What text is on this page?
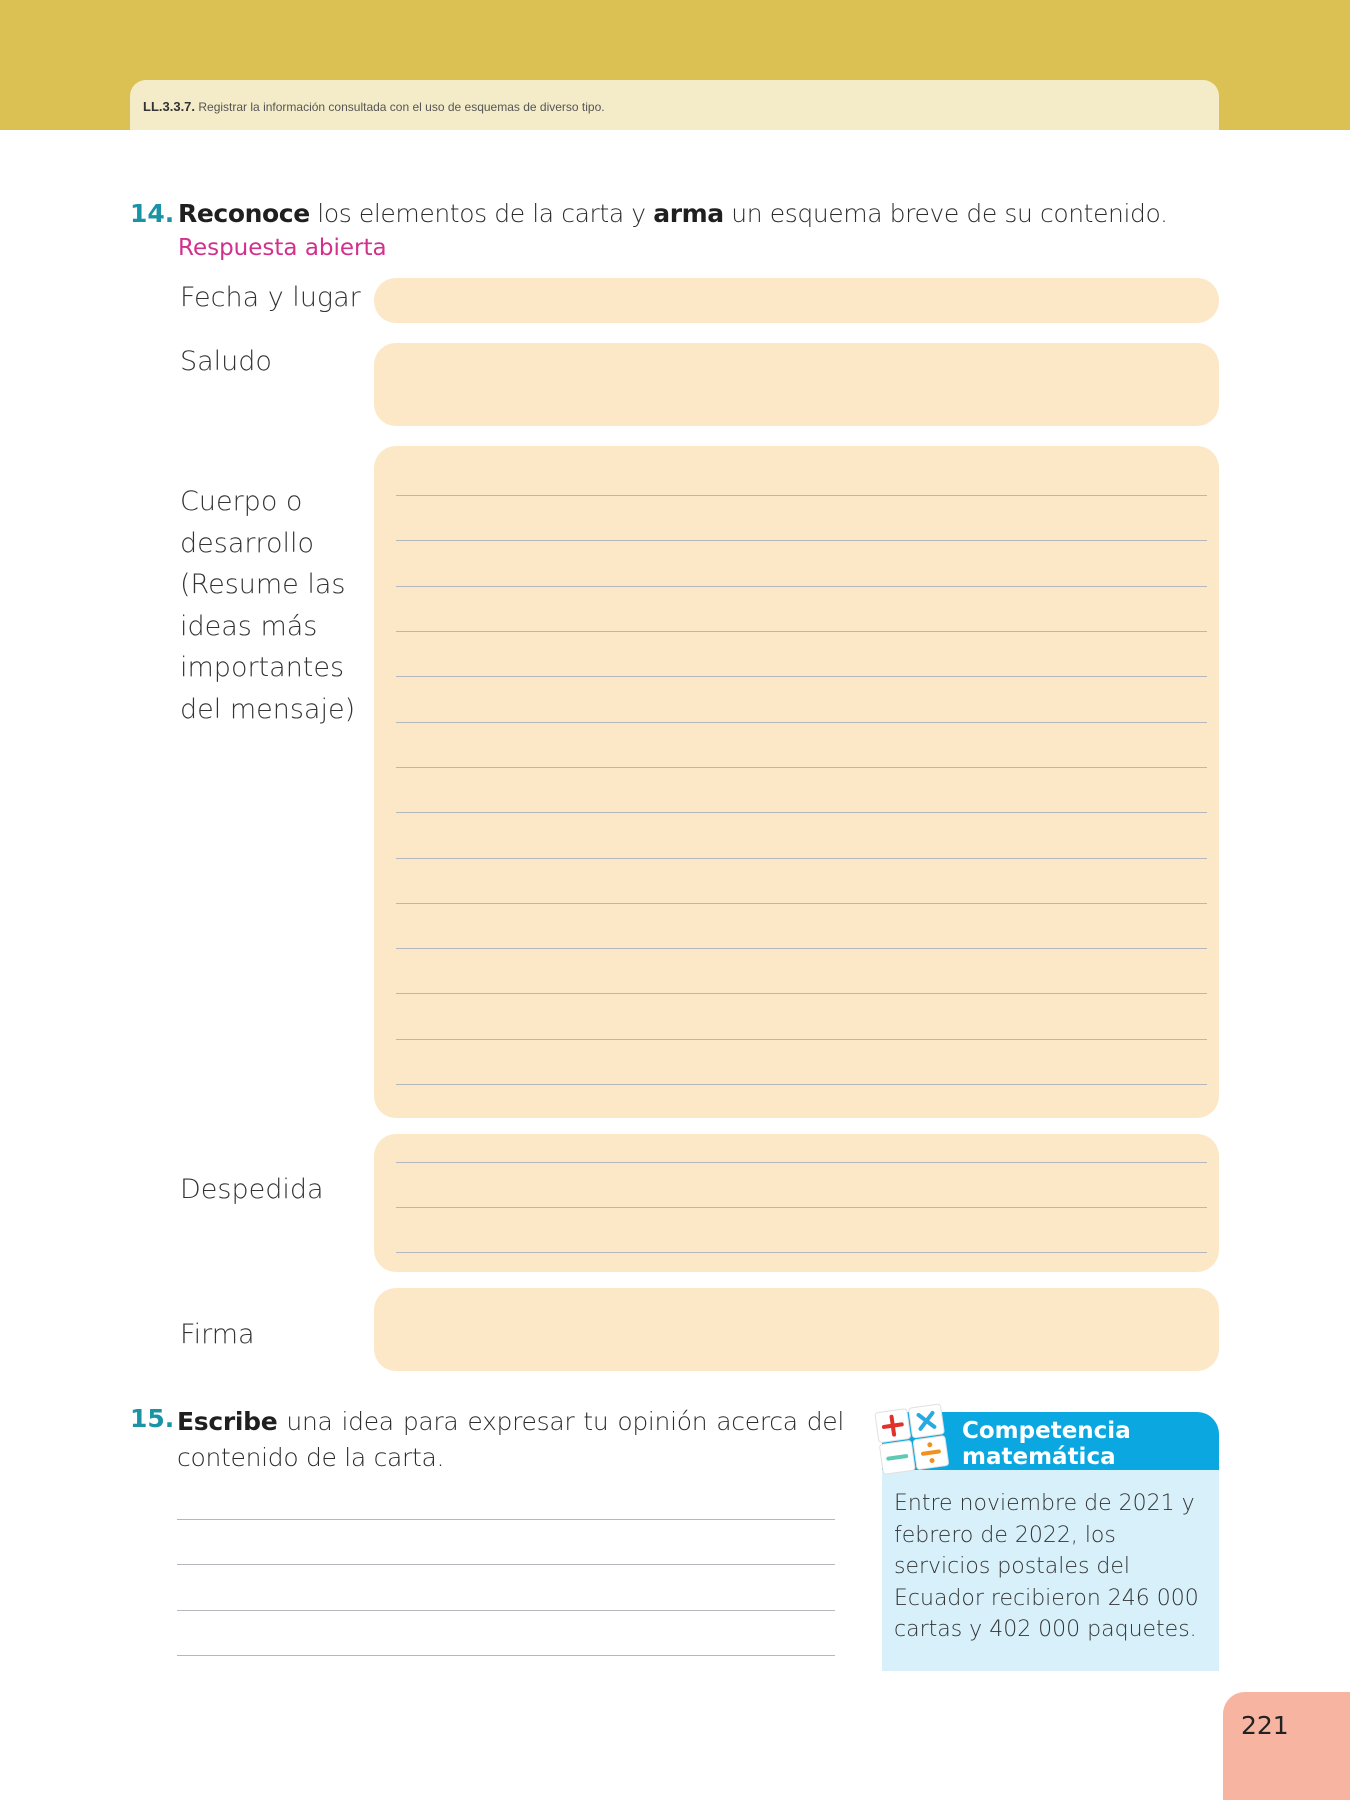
LL.3.3.7. Registrar la información consultada con el uso de esquemas de diverso tipo.
14. Reconoce los elementos de la carta y arma un esquema breve de su contenido.
Respuesta abierta
Fecha y lugar
Saludo
Cuerpo o desarrollo (Resume las ideas más importantes del mensaje)
Despedida
Firma
15. Escribe una idea para expresar tu opinión acerca del contenido de la carta.
Competencia
matemática
Entre noviembre de 2021 y febrero de 2022, los servicios postales del Ecuador recibieron 246 000 cartas y 402 000 paquetes.
221
